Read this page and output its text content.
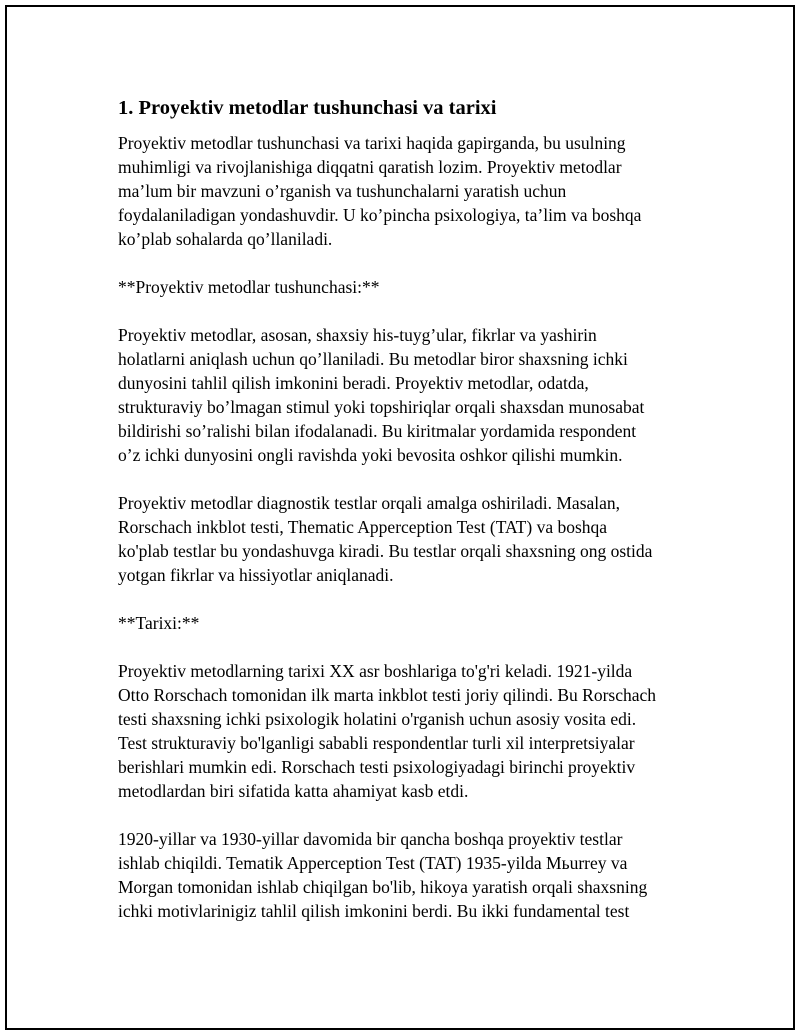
1. Proyektiv metodlar tushunchasi va tarixi

Proyektiv metodlar tushunchasi va tarixi haqida gapirganda, bu usulning
muhimligi va rivojlanishiga diqqatni qaratish lozim. Proyektiv metodlar
ma’lum bir mavzuni o’rganish va tushunchalarni yaratish uchun
foydalaniladigan yondashuvdir. U ko’pincha psixologiya, ta’lim va boshqa
ko’plab sohalarda qo’llaniladi.

**Proyektiv metodlar tushunchasi:**

Proyektiv metodlar, asosan, shaxsiy his-tuyg’ular, fikrlar va yashirin
holatlarni aniqlash uchun qo’llaniladi. Bu metodlar biror shaxsning ichki
dunyosini tahlil qilish imkonini beradi. Proyektiv metodlar, odatda,
strukturaviy bo’lmagan stimul yoki topshiriqlar orqali shaxsdan munosabat
bildirishi so’ralishi bilan ifodalanadi. Bu kiritmalar yordamida respondent
o’z ichki dunyosini ongli ravishda yoki bevosita oshkor qilishi mumkin.

Proyektiv metodlar diagnostik testlar orqali amalga oshiriladi. Masalan,
Rorschach inkblot testi, Thematic Apperception Test (TAT) va boshqa
ko'plab testlar bu yondashuvga kiradi. Bu testlar orqali shaxsning ong ostida
yotgan fikrlar va hissiyotlar aniqlanadi.

**Tarixi:**

Proyektiv metodlarning tarixi XX asr boshlariga to'g'ri keladi. 1921-yilda
Otto Rorschach tomonidan ilk marta inkblot testi joriy qilindi. Bu Rorschach
testi shaxsning ichki psixologik holatini o'rganish uchun asosiy vosita edi.
Test strukturaviy bo'lganligi sababli respondentlar turli xil interpretsiyalar
berishlari mumkin edi. Rorschach testi psixologiyadagi birinchi proyektiv
metodlardan biri sifatida katta ahamiyat kasb etdi.

1920-yillar va 1930-yillar davomida bir qancha boshqa proyektiv testlar
ishlab chiqildi. Tematik Apperception Test (TAT) 1935-yilda Mьurrey va
Morgan tomonidan ishlab chiqilgan bo'lib, hikoya yaratish orqali shaxsning
ichki motivlarinigiz tahlil qilish imkonini berdi. Bu ikki fundamental test
